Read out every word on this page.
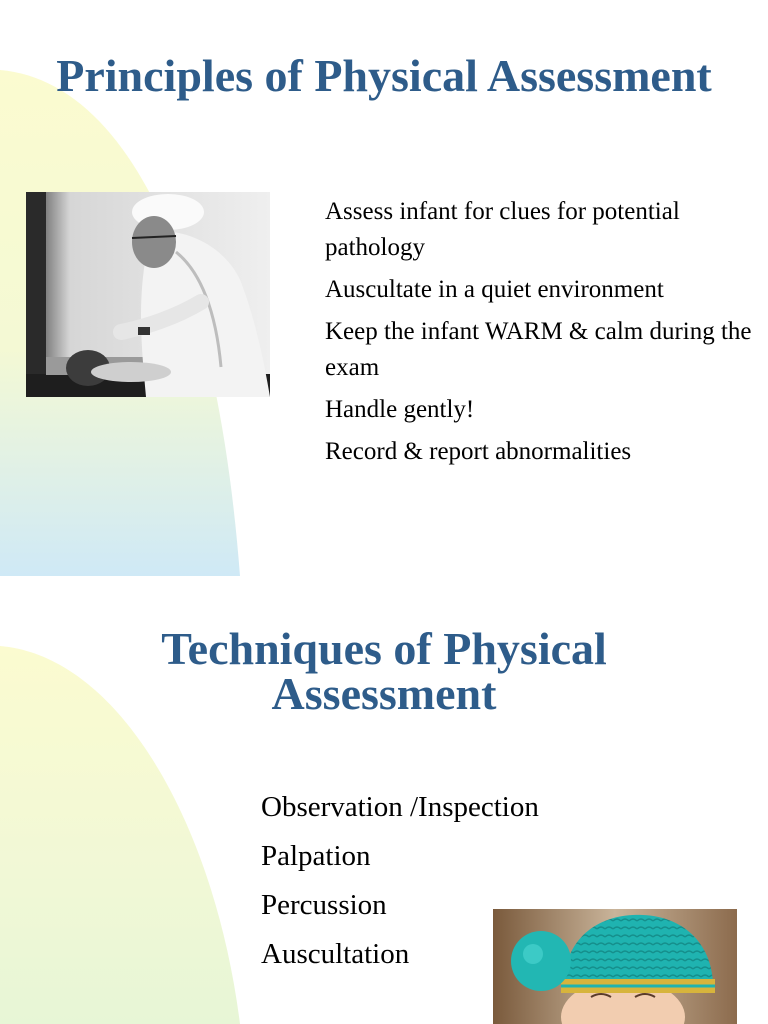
Principles of Physical Assessment
Assess infant for clues for potential pathology
Auscultate in a quiet environment
Keep the infant WARM & calm during the exam
Handle gently!
Record & report abnormalities
Techniques of Physical
Assessment
Observation /Inspection
Palpation
Percussion
Auscultation
